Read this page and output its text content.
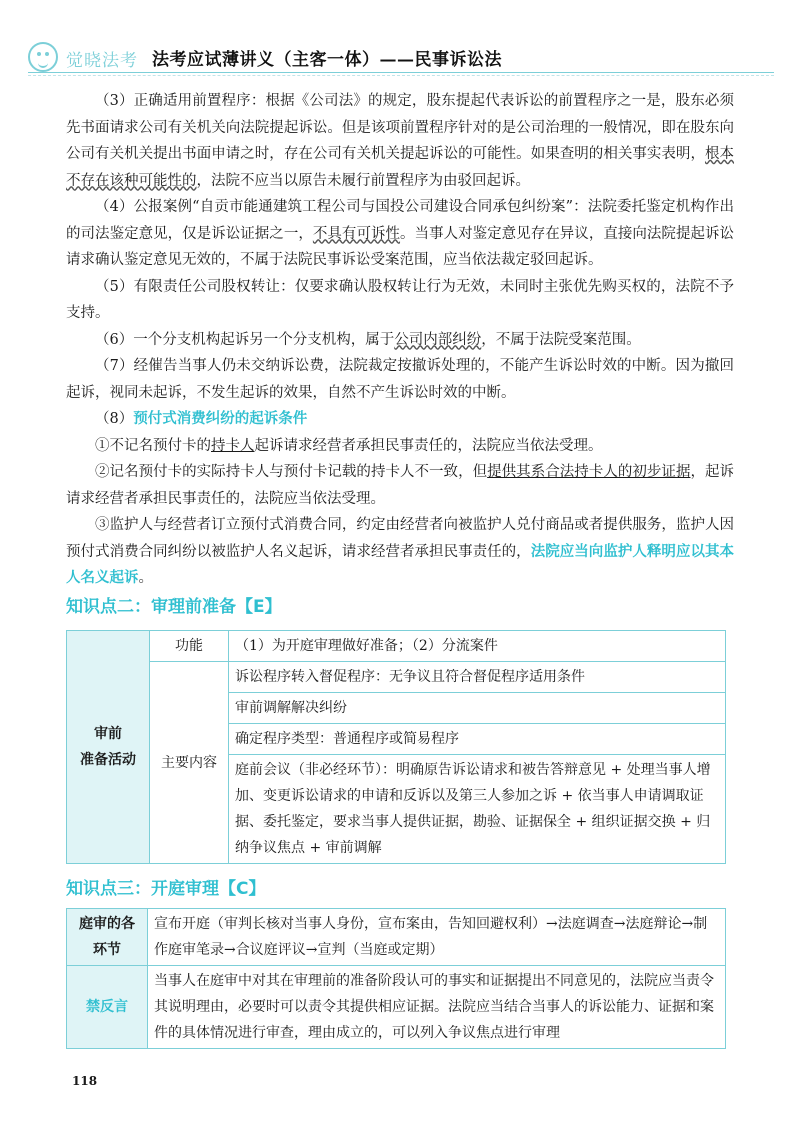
觉晓法考 法考应试薄讲义（主客一体）——民事诉讼法

（3）正确适用前置程序：根据《公司法》的规定，股东提起代表诉讼的前置程序之一是，股东必须先书面请求公司有关机关向法院提起诉讼。但是该项前置程序针对的是公司治理的一般情况，即在股东向公司有关机关提出书面申请之时，存在公司有关机关提起诉讼的可能性。如果查明的相关事实表明，根本不存在该种可能性的，法院不应当以原告未履行前置程序为由驳回起诉。

（4）公报案例“自贡市能通建筑工程公司与国投公司建设合同承包纠纷案”：法院委托鉴定机构作出的司法鉴定意见，仅是诉讼证据之一，不具有可诉性。当事人对鉴定意见存在异议，直接向法院提起诉讼请求确认鉴定意见无效的，不属于法院民事诉讼受案范围，应当依法裁定驳回起诉。

（5）有限责任公司股权转让：仅要求确认股权转让行为无效，未同时主张优先购买权的，法院不予支持。

（6）一个分支机构起诉另一个分支机构，属于公司内部纠纷，不属于法院受案范围。

（7）经催告当事人仍未交纳诉讼费，法院裁定按撤诉处理的，不能产生诉讼时效的中断。因为撤回起诉，视同未起诉，不发生起诉的效果，自然不产生诉讼时效的中断。

（8）预付式消费纠纷的起诉条件

①不记名预付卡的持卡人起诉请求经营者承担民事责任的，法院应当依法受理。

②记名预付卡的实际持卡人与预付卡记载的持卡人不一致，但提供其系合法持卡人的初步证据，起诉请求经营者承担民事责任的，法院应当依法受理。

③监护人与经营者订立预付式消费合同，约定由经营者向被监护人兑付商品或者提供服务，监护人因预付式消费合同纠纷以被监护人名义起诉，请求经营者承担民事责任的，法院应当向监护人释明应以其本人名义起诉。

知识点二：审理前准备【E】
审前
准备活动	功能	（1）为开庭审理做好准备；（2）分流案件
	主要内容	诉讼程序转入督促程序：无争议且符合督促程序适用条件
		审前调解解决纠纷
		确定程序类型：普通程序或简易程序
		庭前会议（非必经环节）：明确原告诉讼请求和被告答辩意见 + 处理当事人增加、变更诉讼请求的申请和反诉以及第三人参加之诉 + 依当事人申请调取证据、委托鉴定，要求当事人提供证据，勘验、证据保全 + 组织证据交换 + 归纳争议焦点 + 审前调解
知识点三：开庭审理【C】
庭审的各
环节	宣布开庭（审判长核对当事人身份，宣布案由，告知回避权利）→法庭调查→法庭辩论→制作庭审笔录→合议庭评议→宣判（当庭或定期）
禁反言	当事人在庭审中对其在审理前的准备阶段认可的事实和证据提出不同意见的，法院应当责令其说明理由，必要时可以责令其提供相应证据。法院应当结合当事人的诉讼能力、证据和案件的具体情况进行审查，理由成立的，可以列入争议焦点进行审理
118
